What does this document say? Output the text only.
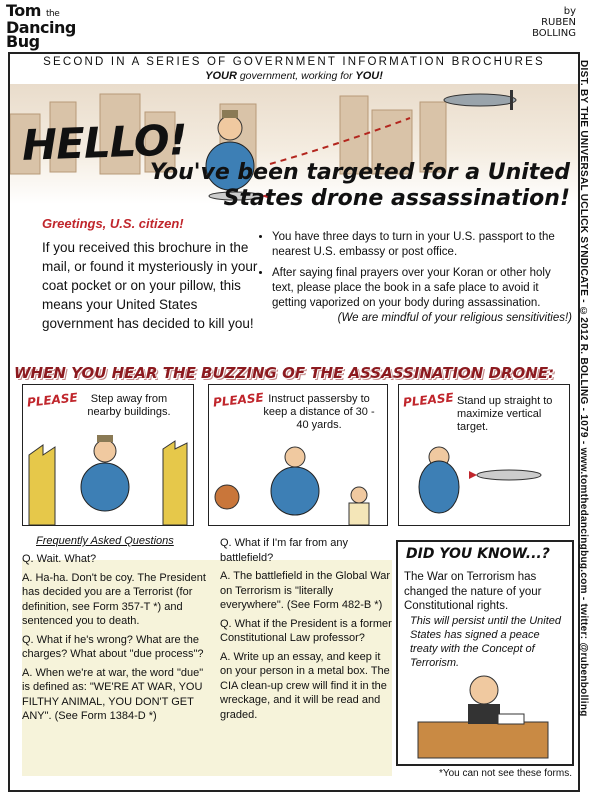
Tom the
Dancing
Bug
by
RUBEN
BOLLING
DIST. BY THE UNIVERSAL UCLICK SYNDICATE - ©2012 R. BOLLING - 1079 - www.tomthedancingbug.com - twitter: @rubenbolling
SECOND IN A SERIES OF GOVERNMENT INFORMATION BROCHURES
YOUR government, working for YOU!
HELLO!
You've been targeted for a United States drone assassination!
Greetings, U.S. citizen!
If you received this brochure in the mail, or found it mysteriously in your coat pocket or on your pillow, this means your United States government has decided to kill you!
• You have three days to turn in your U.S. passport to the nearest U.S. embassy or post office.
• After saying final prayers over your Koran or other holy text, please place the book in a safe place to avoid it getting vaporized on your body during assassination.
(We are mindful of your religious sensitivities!)
WHEN YOU HEAR THE BUZZING OF THE ASSASSINATION DRONE:
PLEASE	Step away from nearby buildings.
PLEASE Instruct passersby to keep a distance of 30 - 40 yards.
PLEASE Stand up straight to maximize vertical target.
Frequently Asked Questions

Q. Wait. What?

A. Ha-ha. Don't be coy. The President has decided you are a Terrorist (for definition, see Form 357-T *) and sentenced you to death.

Q. What if he's wrong? What are the charges? What about "due process"?

A. When we're at war, the word "due" is defined as: "WE'RE AT WAR, YOU FILTHY ANIMAL, YOU DON'T GET ANY". (See Form 1384-D *)

Q. What if I'm far from any battlefield?

A. The battlefield in the Global War on Terrorism is "literally everywhere". (See Form 482-B *)

Q. What if the President is a former Constitutional Law professor?

A. Write up an essay, and keep it on your person in a metal box. The CIA clean-up crew will find it in the wreckage, and it will be read and graded.

DID YOU KNOW...?
The War on Terrorism has changed the nature of your Constitutional rights.
This will persist until the United States has signed a peace treaty with the Concept of Terrorism.
*You can not see these forms.
